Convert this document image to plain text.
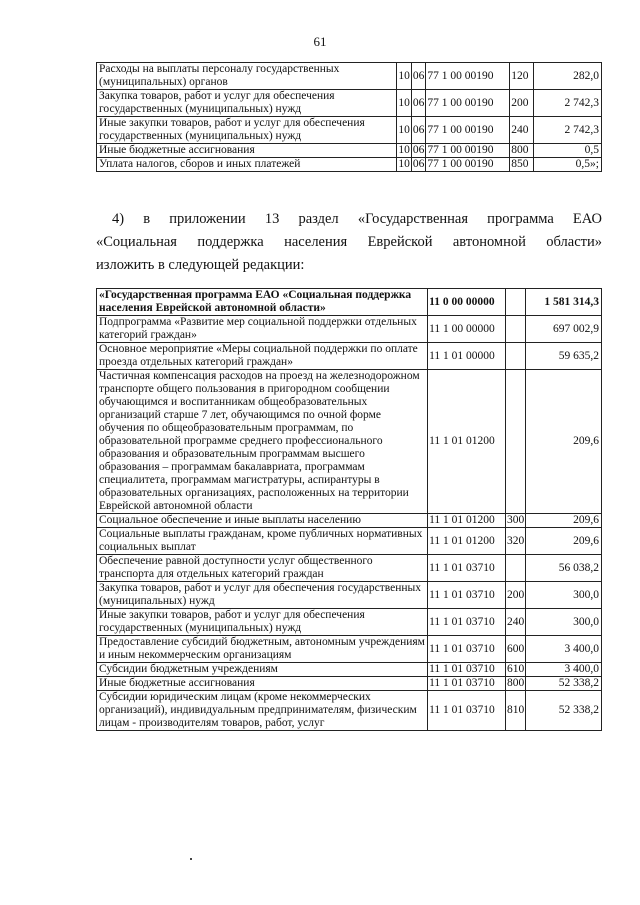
61
Расходы на выплаты персоналу государственных (муниципальных) органов	10	06	77 1 00 00190	120	282,0
Закупка товаров, работ и услуг для обеспечения государственных (муниципальных) нужд	10	06	77 1 00 00190	200	2 742,3
Иные закупки товаров, работ и услуг для обеспечения государственных (муниципальных) нужд	10	06	77 1 00 00190	240	2 742,3
Иные бюджетные ассигнования	10	06	77 1 00 00190	800	0,5
Уплата налогов, сборов и иных платежей	10	06	77 1 00 00190	850	0,5»;

4) в приложении 13 раздел «Государственная программа ЕАО

«Социальная поддержка населения Еврейской автономной области»

изложить в следующей редакции:

«Государственная программа ЕАО «Социальная поддержка населения Еврейской автономной области»	11 0 00 00000		1 581 314,3
Подпрограмма «Развитие мер социальной поддержки отдельных категорий граждан»	11 1 00 00000		697 002,9
Основное мероприятие «Меры социальной поддержки по оплате проезда отдельных категорий граждан»	11 1 01 00000		59 635,2
Частичная компенсация расходов на проезд на железнодорожном транспорте общего пользования в пригородном сообщении обучающимся и воспитанникам общеобразовательных организаций старше 7 лет, обучающимся по очной форме обучения по общеобразовательным программам, по образовательной программе среднего профессионального образования и образовательным программам высшего образования – программам бакалавриата, программам специалитета, программам магистратуры, аспирантуры в образовательных организациях, расположенных на территории Еврейской автономной области	11 1 01 01200		209,6
Социальное обеспечение и иные выплаты населению	11 1 01 01200	300	209,6
Социальные выплаты гражданам, кроме публичных нормативных социальных выплат	11 1 01 01200	320	209,6
Обеспечение равной доступности услуг общественного транспорта для отдельных категорий граждан	11 1 01 03710		56 038,2
Закупка товаров, работ и услуг для обеспечения государственных (муниципальных) нужд	11 1 01 03710	200	300,0
Иные закупки товаров, работ и услуг для обеспечения государственных (муниципальных) нужд	11 1 01 03710	240	300,0
Предоставление субсидий бюджетным, автономным учреждениям и иным некоммерческим организациям	11 1 01 03710	600	3 400,0
Субсидии бюджетным учреждениям	11 1 01 03710	610	3 400,0
Иные бюджетные ассигнования	11 1 01 03710	800	52 338,2
Субсидии юридическим лицам (кроме некоммерческих организаций), индивидуальным предпринимателям, физическим лицам - производителям товаров, работ, услуг	11 1 01 03710	810	52 338,2
